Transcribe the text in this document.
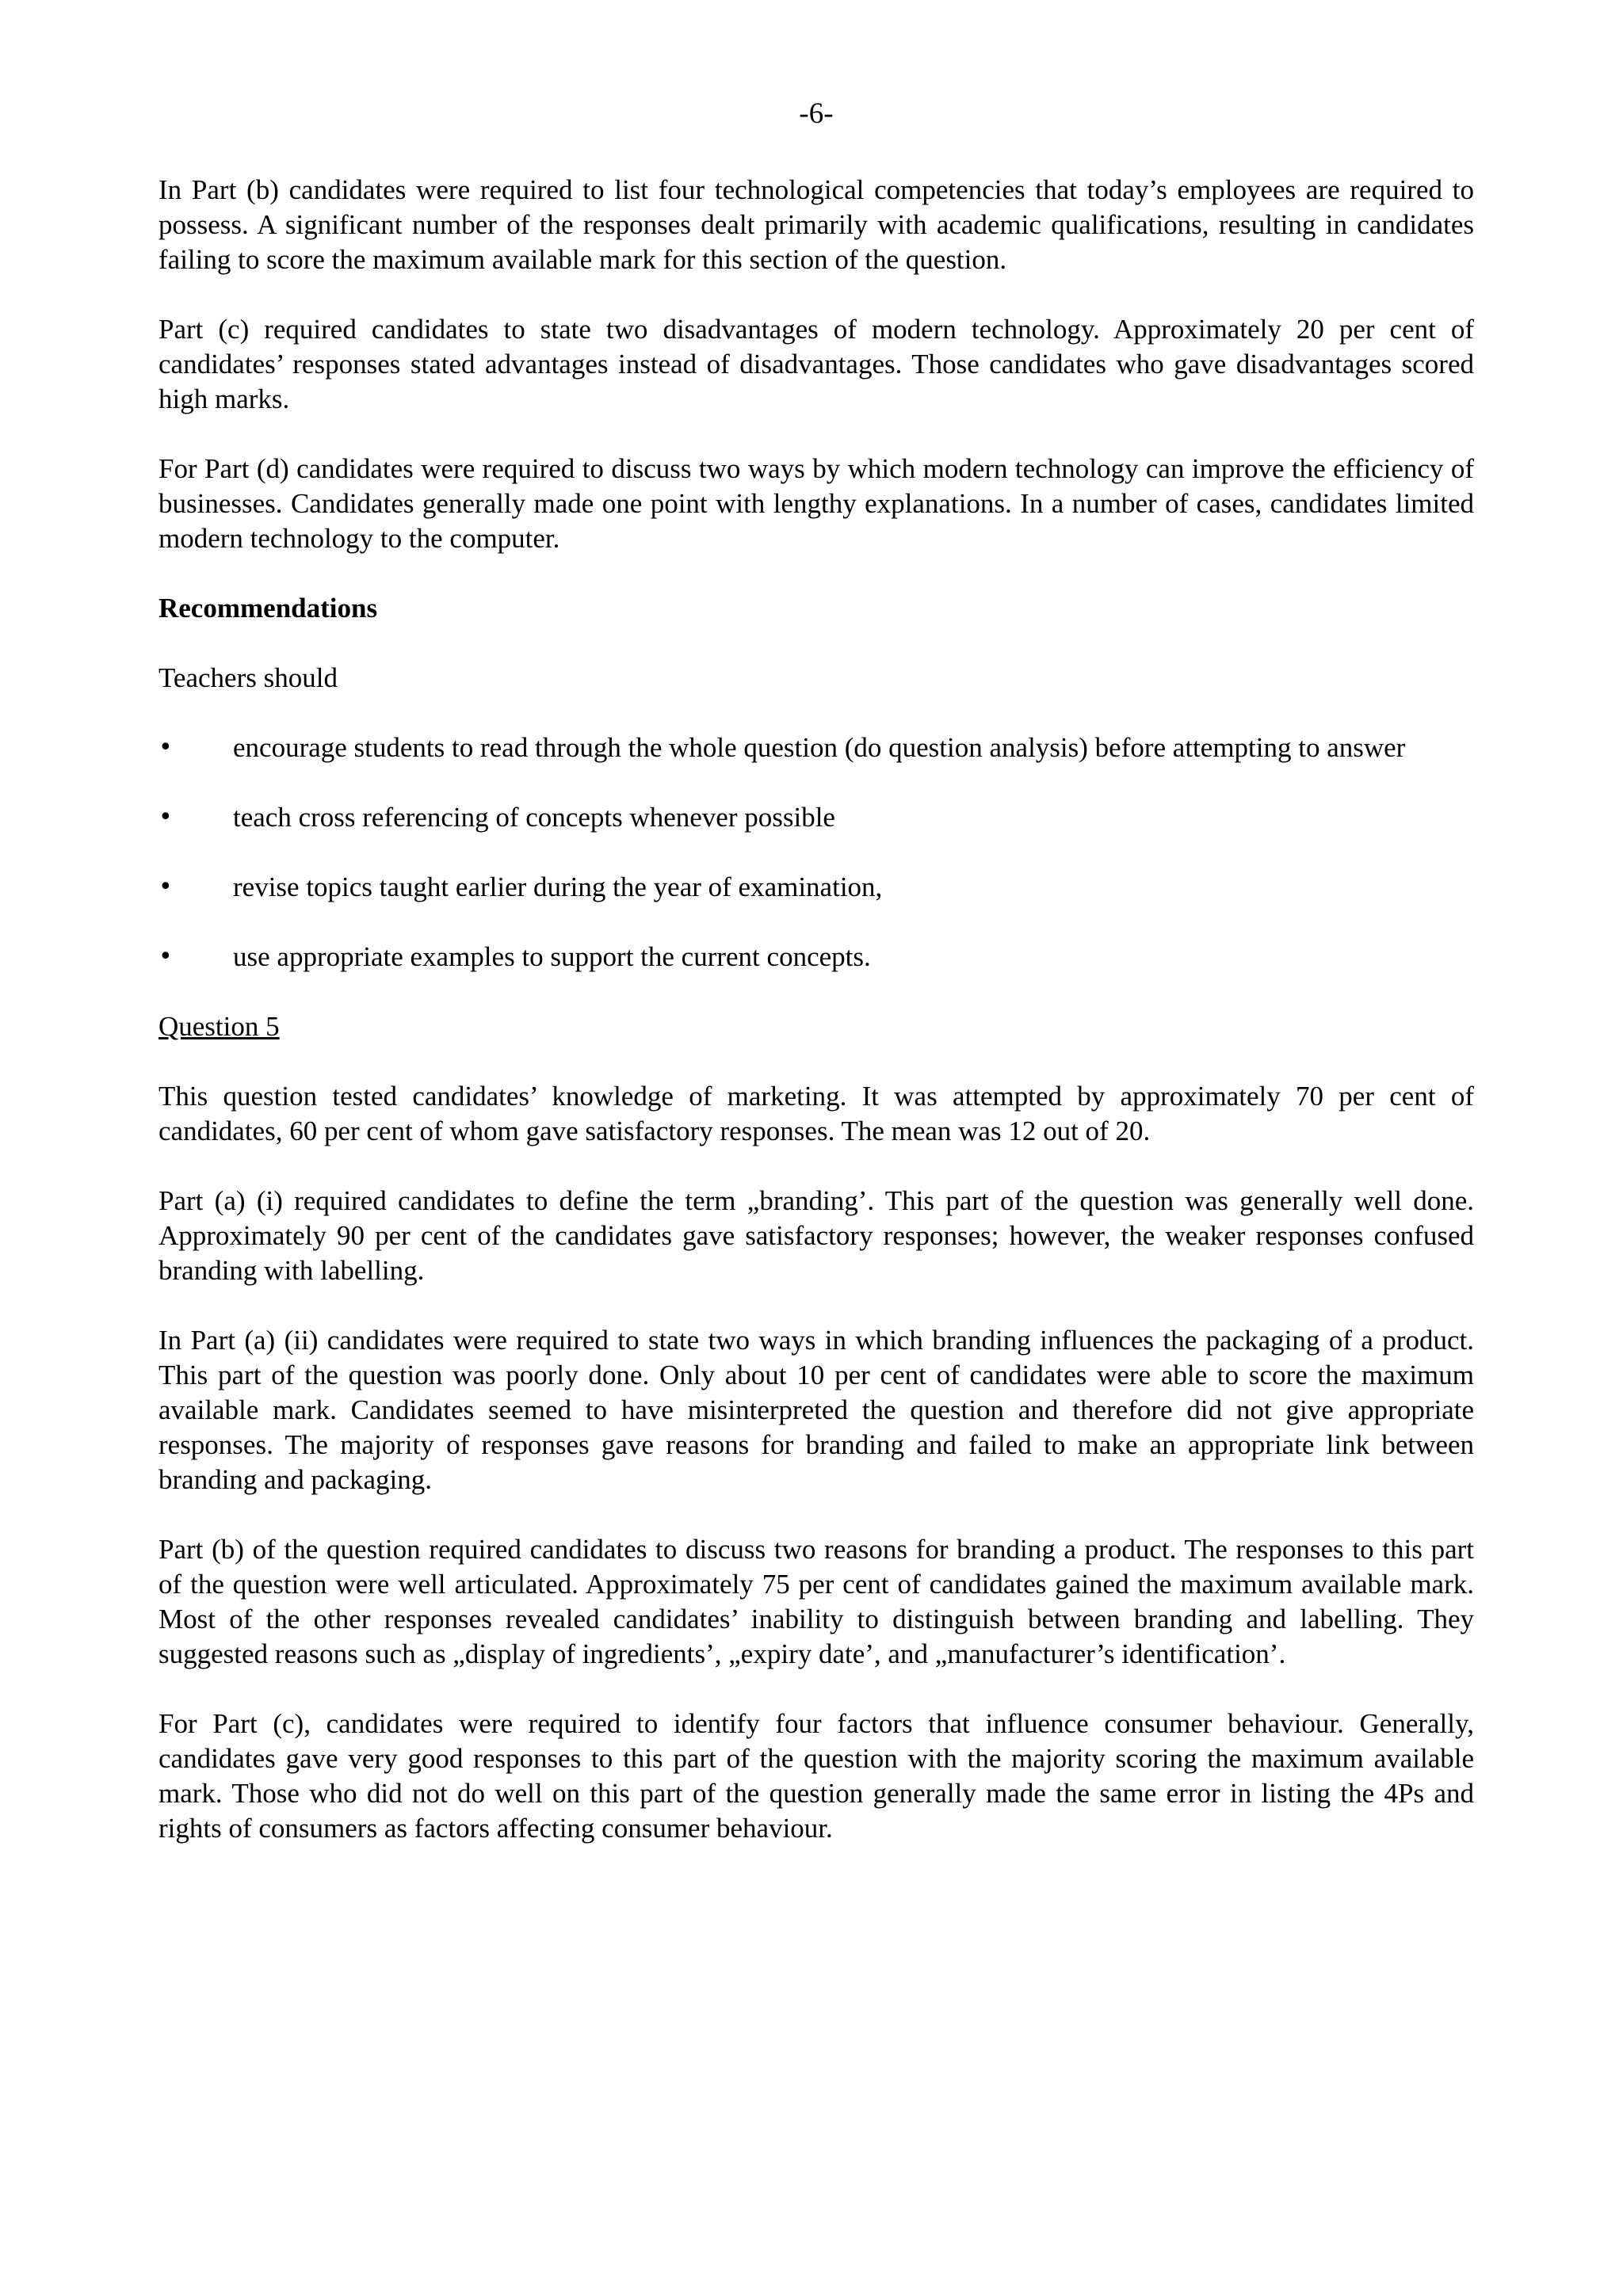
-6-

In Part (b) candidates were required to list four technological competencies that today’s employees are required to possess. A significant number of the responses dealt primarily with academic qualifications, resulting in candidates failing to score the maximum available mark for this section of the question.

Part (c) required candidates to state two disadvantages of modern technology. Approximately 20 per cent of candidates’ responses stated advantages instead of disadvantages. Those candidates who gave disadvantages scored high marks.

For Part (d) candidates were required to discuss two ways by which modern technology can improve the efficiency of businesses. Candidates generally made one point with lengthy explanations. In a number of cases, candidates limited modern technology to the computer.

Recommendations

Teachers should

• encourage students to read through the whole question (do question analysis) before attempting to answer
• teach cross referencing of concepts whenever possible
• revise topics taught earlier during the year of examination,
• use appropriate examples to support the current concepts.

Question 5

This question tested candidates’ knowledge of marketing. It was attempted by approximately 70 per cent of candidates, 60 per cent of whom gave satisfactory responses. The mean was 12 out of 20.

Part (a) (i) required candidates to define the term „branding’. This part of the question was generally well done. Approximately 90 per cent of the candidates gave satisfactory responses; however, the weaker responses confused branding with labelling.

In Part (a) (ii) candidates were required to state two ways in which branding influences the packaging of a product. This part of the question was poorly done. Only about 10 per cent of candidates were able to score the maximum available mark. Candidates seemed to have misinterpreted the question and therefore did not give appropriate responses. The majority of responses gave reasons for branding and failed to make an appropriate link between branding and packaging.

Part (b) of the question required candidates to discuss two reasons for branding a product. The responses to this part of the question were well articulated. Approximately 75 per cent of candidates gained the maximum available mark. Most of the other responses revealed candidates’ inability to distinguish between branding and labelling. They suggested reasons such as „display of ingredients’, „expiry date’, and „manufacturer’s identification’.

For Part (c), candidates were required to identify four factors that influence consumer behaviour. Generally, candidates gave very good responses to this part of the question with the majority scoring the maximum available mark. Those who did not do well on this part of the question generally made the same error in listing the 4Ps and rights of consumers as factors affecting consumer behaviour.
